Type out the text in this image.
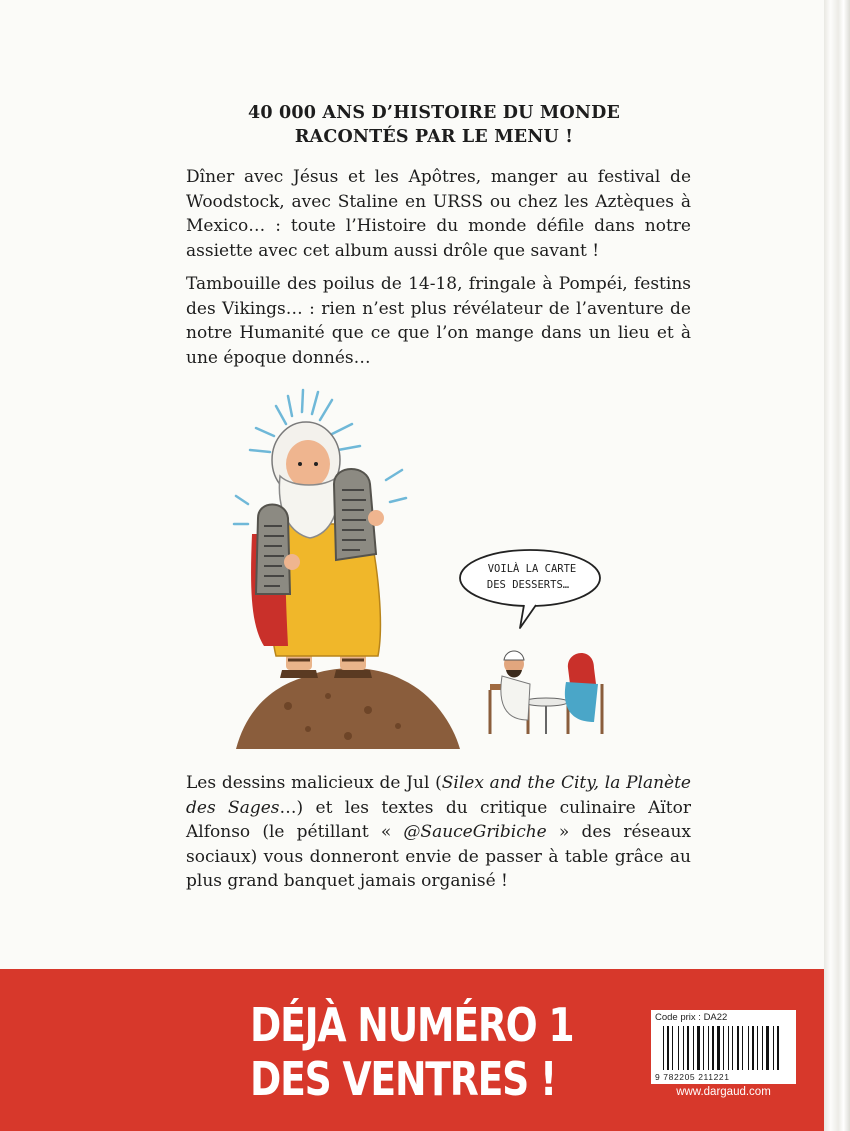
40 000 ANS D’HISTOIRE DU MONDE
RACONTÉS PAR LE MENU !
Dîner avec Jésus et les Apôtres, manger au festival de Woodstock, avec Staline en URSS ou chez les Aztèques à Mexico… : toute l’Histoire du monde défile dans notre assiette avec cet album aussi drôle que savant !
Tambouille des poilus de 14-18, fringale à Pompéi, festins des Vikings… : rien n’est plus révélateur de l’aventure de notre Humanité que ce que l’on mange dans un lieu et à une époque donnés…
VOILÀ LA CARTE
DES DESSERTS…
Les dessins malicieux de Jul (Silex and the City, la Planète des Sages…) et les textes du critique culinaire Aïtor Alfonso (le pétillant « @SauceGribiche » des réseaux sociaux) vous donneront envie de passer à table grâce au plus grand banquet jamais organisé !
DÉJÀ NUMÉRO 1
DES VENTRES !
Code prix : DA22
9 782205 211221
www.dargaud.com
